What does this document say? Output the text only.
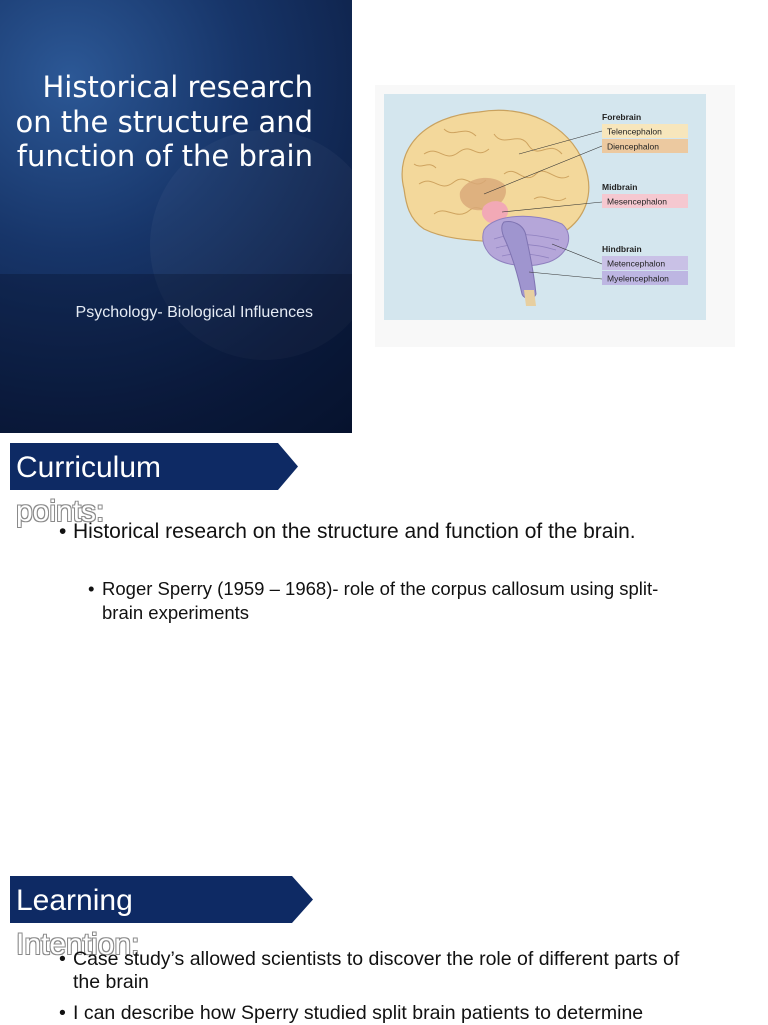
Historical research on the structure and function of the brain
Psychology- Biological Influences
Forebrain
Telencephalon
Diencephalon
Midbrain
Mesencephalon
Hindbrain
Metencephalon
Myelencephalon
Curriculum
points:
• Historical research on the structure and function of the brain.
• Roger Sperry (1959 – 1968)- role of the corpus callosum using split-brain experiments
Learning
Intention:
• Case study’s allowed scientists to discover the role of different parts of the brain
• I can describe how Sperry studied split brain patients to determine
